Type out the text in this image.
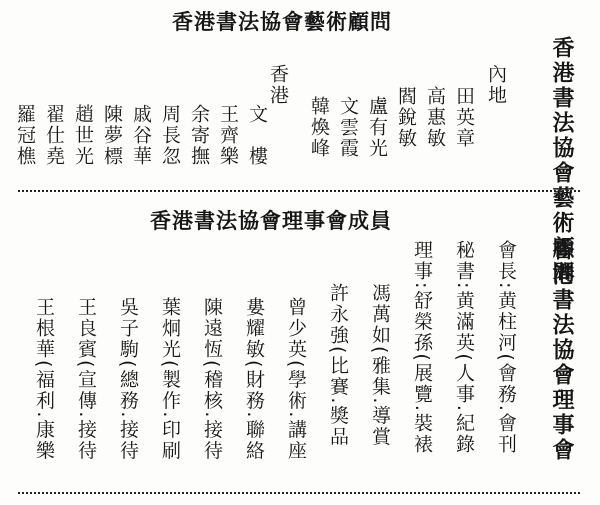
香港書法協會藝術顧問
香港書法協會藝術顧問
內地
田英章
高惠敏
閻銳敏
盧有光
文雲霞
韓煥峰
香港
文樓
王齊樂
余寄撫
周長忽
戚谷華
陳夢標
趙世光
翟仕堯
羅冠樵
香港書法協會理事會成員
香港書法協會理事會
會長:黄柱河(會務.會刊
秘書:黄滿英(人事.紀錄
理事:舒榮孫(展覽.裝裱
馮萬如(雅集.導賞
許永強(比賽.獎品
曾少英(學術.講座
婁耀敏(財務.聯絡
陳遠恆(稽核.接待
葉炯光(製作.印刷
吳子駒(總務.接待
王良賓(宣傳.接待
王根華(福利.康樂
